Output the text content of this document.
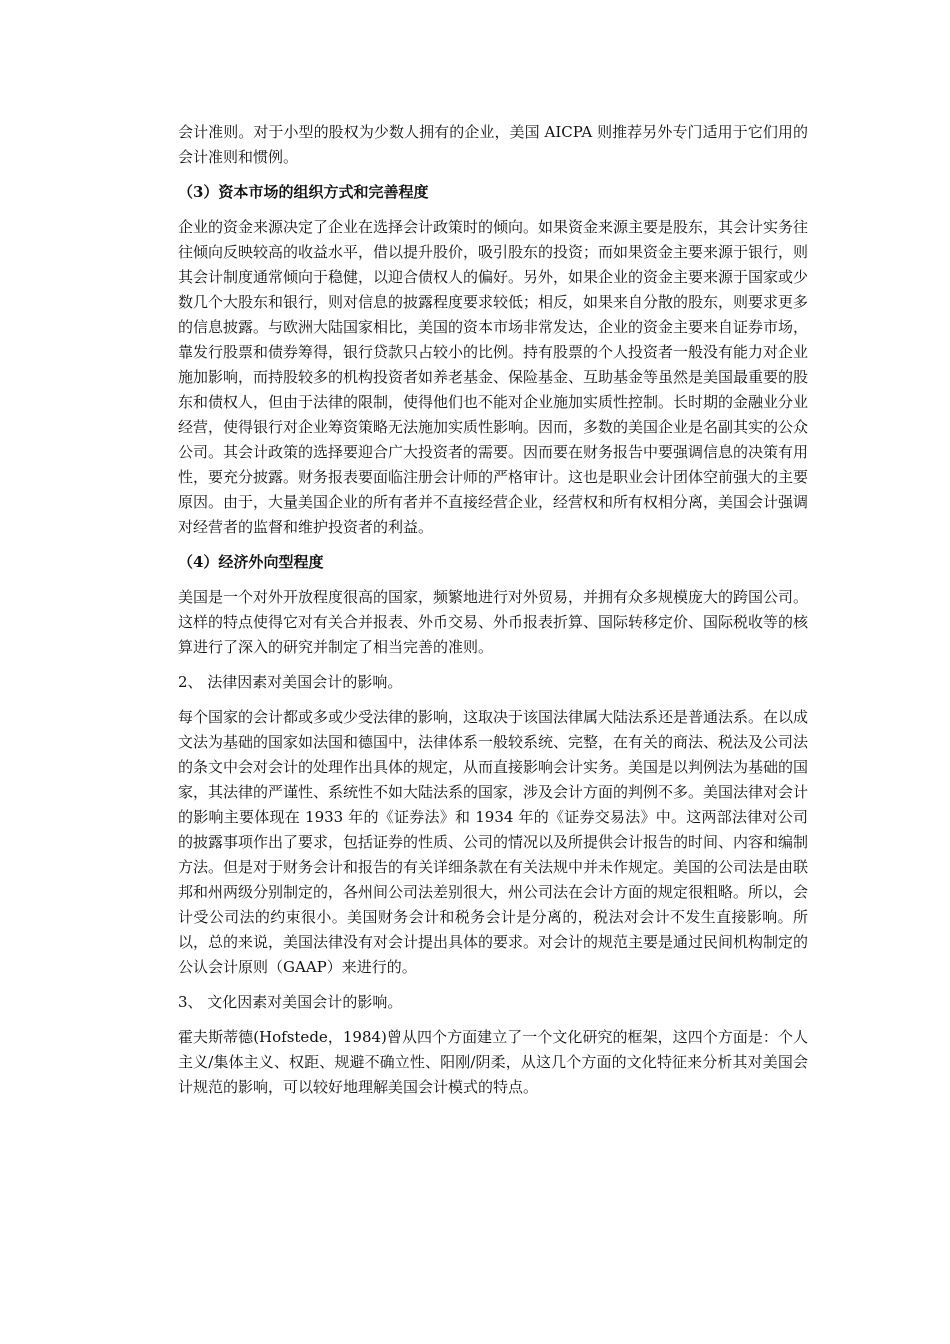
会计准则。对于小型的股权为少数人拥有的企业，美国 AICPA 则推荐另外专门适用于它们用的会计准则和惯例。

（3）资本市场的组织方式和完善程度

企业的资金来源决定了企业在选择会计政策时的倾向。如果资金来源主要是股东，其会计实务往往倾向反映较高的收益水平，借以提升股价，吸引股东的投资；而如果资金主要来源于银行，则其会计制度通常倾向于稳健，以迎合债权人的偏好。另外，如果企业的资金主要来源于国家或少数几个大股东和银行，则对信息的披露程度要求较低；相反，如果来自分散的股东，则要求更多的信息披露。与欧洲大陆国家相比，美国的资本市场非常发达，企业的资金主要来自证券市场，靠发行股票和债券筹得，银行贷款只占较小的比例。持有股票的个人投资者一般没有能力对企业施加影响，而持股较多的机构投资者如养老基金、保险基金、互助基金等虽然是美国最重要的股东和债权人，但由于法律的限制，使得他们也不能对企业施加实质性控制。长时期的金融业分业经营，使得银行对企业筹资策略无法施加实质性影响。因而，多数的美国企业是名副其实的公众公司。其会计政策的选择要迎合广大投资者的需要。因而要在财务报告中要强调信息的决策有用性，要充分披露。财务报表要面临注册会计师的严格审计。这也是职业会计团体空前强大的主要原因。由于，大量美国企业的所有者并不直接经营企业，经营权和所有权相分离，美国会计强调对经营者的监督和维护投资者的利益。

（4）经济外向型程度

美国是一个对外开放程度很高的国家，频繁地进行对外贸易，并拥有众多规模庞大的跨国公司。这样的特点使得它对有关合并报表、外币交易、外币报表折算、国际转移定价、国际税收等的核算进行了深入的研究并制定了相当完善的准则。

2、 法律因素对美国会计的影响。

每个国家的会计都或多或少受法律的影响，这取决于该国法律属大陆法系还是普通法系。在以成文法为基础的国家如法国和德国中，法律体系一般较系统、完整，在有关的商法、税法及公司法的条文中会对会计的处理作出具体的规定，从而直接影响会计实务。美国是以判例法为基础的国家，其法律的严谨性、系统性不如大陆法系的国家，涉及会计方面的判例不多。美国法律对会计的影响主要体现在 1933 年的《证券法》和 1934 年的《证券交易法》中。这两部法律对公司的披露事项作出了要求，包括证券的性质、公司的情况以及所提供会计报告的时间、内容和编制方法。但是对于财务会计和报告的有关详细条款在有关法规中并未作规定。美国的公司法是由联邦和州两级分别制定的，各州间公司法差别很大，州公司法在会计方面的规定很粗略。所以，会计受公司法的约束很小。美国财务会计和税务会计是分离的，税法对会计不发生直接影响。所以，总的来说，美国法律没有对会计提出具体的要求。对会计的规范主要是通过民间机构制定的公认会计原则（GAAP）来进行的。

3、 文化因素对美国会计的影响。

霍夫斯蒂德(Hofstede，1984)曾从四个方面建立了一个文化研究的框架，这四个方面是：个人主义/集体主义、权距、规避不确立性、阳刚/阴柔，从这几个方面的文化特征来分析其对美国会计规范的影响，可以较好地理解美国会计模式的特点。
